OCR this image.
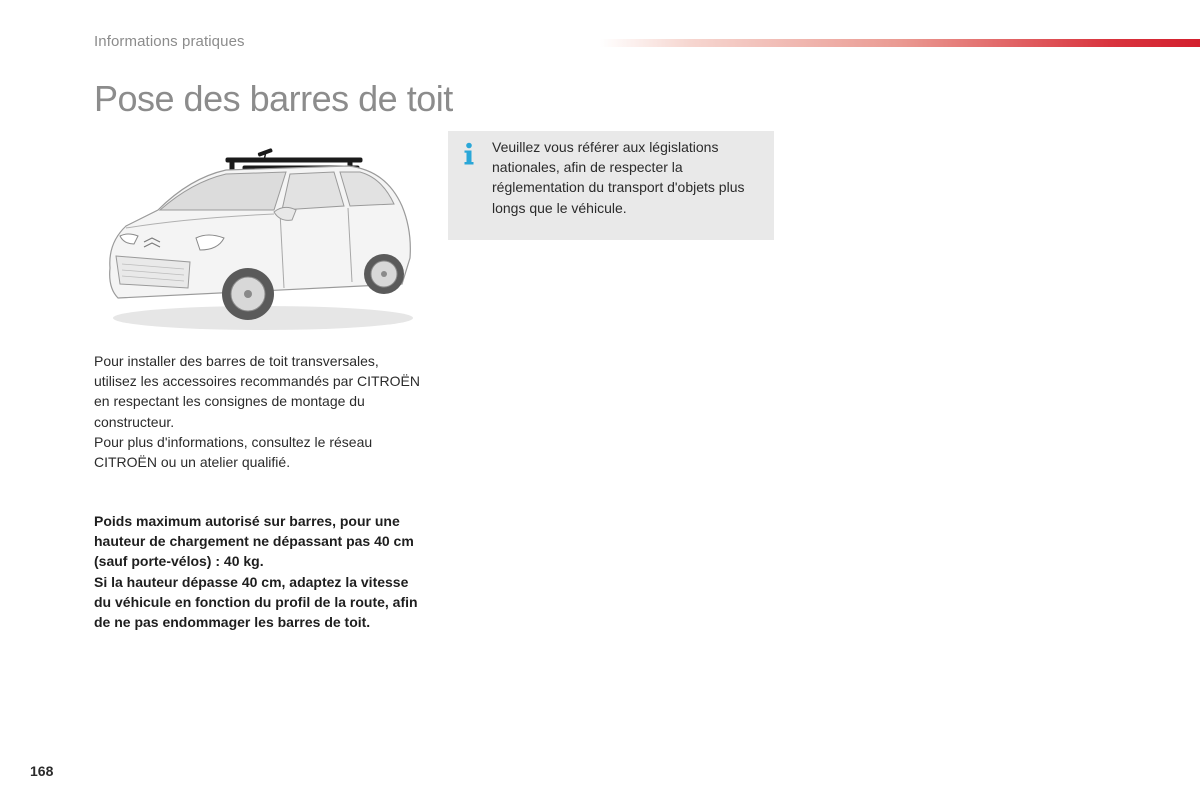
Informations pratiques
Pose des barres de toit

Pour installer des barres de toit transversales, utilisez les accessoires recommandés par CITROËN en respectant les consignes de montage du constructeur.

Pour plus d'informations, consultez le réseau CITROËN ou un atelier qualifié.

Poids maximum autorisé sur barres, pour une hauteur de chargement ne dépassant pas 40 cm (sauf porte-vélos) : 40 kg.

Si la hauteur dépasse 40 cm, adaptez la vitesse du véhicule en fonction du profil de la route, afin de ne pas endommager les barres de toit.

Veuillez vous référer aux législations nationales, afin de respecter la réglementation du transport d'objets plus longs que le véhicule.
168
